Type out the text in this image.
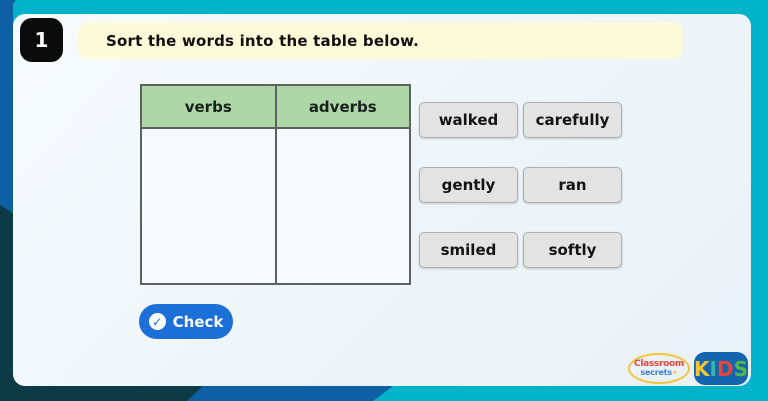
1	Sort the words into the table below.
verbs	adverbs
walked	carefully
gently	ran
smiled	softly
✓ Check
Classroom
secrets✦ K I D S
